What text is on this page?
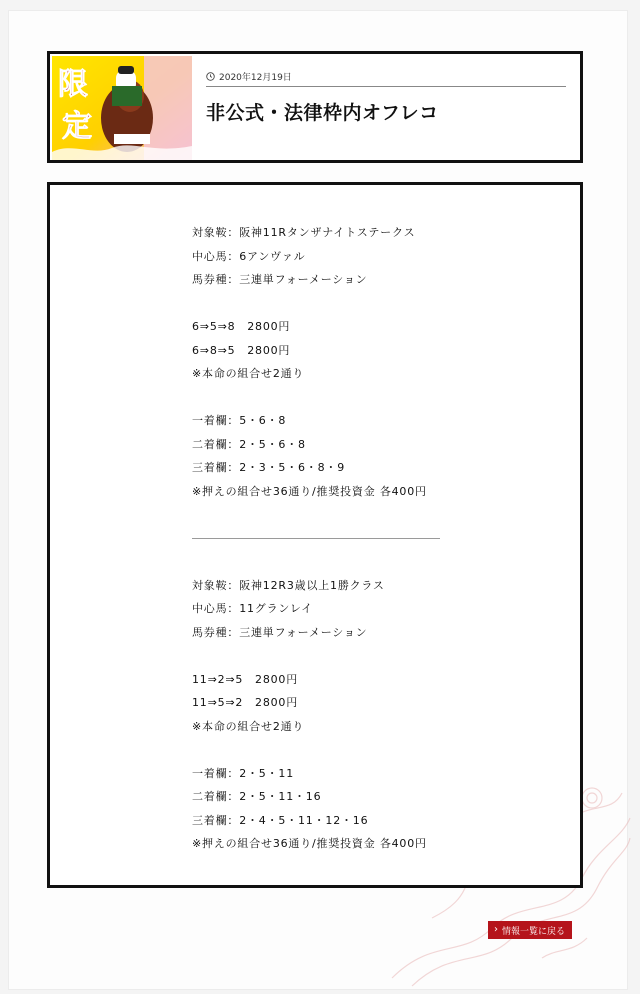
限
定
2020年12月19日
非公式・法律枠内オフレコ
対象鞍：阪神11Rタンザナイトステークス
中心馬：6アンヴァル
馬券種：三連単フォーメーション
6⇒5⇒8　2800円
6⇒8⇒5　2800円
※本命の組合せ2通り
一着欄：5・6・8
二着欄：2・5・6・8
三着欄：2・3・5・6・8・9
※押えの組合せ36通り/推奨投資金 各400円
対象鞍：阪神12R3歳以上1勝クラス
中心馬：11グランレイ
馬券種：三連単フォーメーション
11⇒2⇒5　2800円
11⇒5⇒2　2800円
※本命の組合せ2通り
一着欄：2・5・11
二着欄：2・5・11・16
三着欄：2・4・5・11・12・16
※押えの組合せ36通り/推奨投資金 各400円
› 情報一覧に戻る
